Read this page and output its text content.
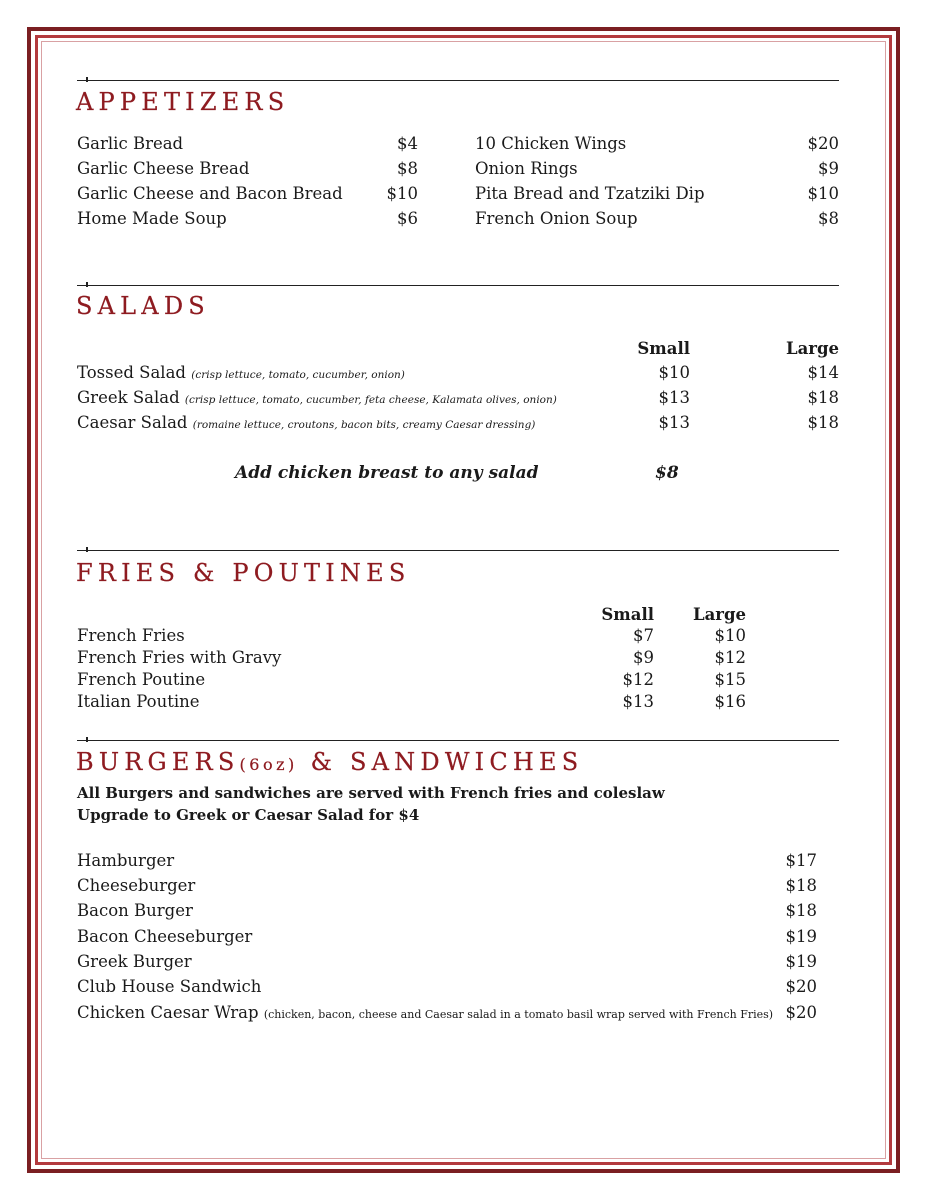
APPETIZERS
Garlic Bread	$4
Garlic Cheese Bread	$8
Garlic Cheese and Bacon Bread	$10
Home Made Soup	$6
10 Chicken Wings	$20
Onion Rings	$9
Pita Bread and Tzatziki Dip	$10
French Onion Soup	$8
SALADS
Small	Large
Tossed Salad (crisp lettuce, tomato, cucumber, onion)	$10	$14
Greek Salad (crisp lettuce, tomato, cucumber, feta cheese, Kalamata olives, onion)	$13	$18
Caesar Salad (romaine lettuce, croutons, bacon bits, creamy Caesar dressing)	$13	$18
Add chicken breast to any salad	$8
FRIES & POUTINES
Small Large
French Fries	$7	$10
French Fries with Gravy	$9	$12
French Poutine	$12	$15
Italian Poutine	$13	$16
BURGERS(6oz) & SANDWICHES
All Burgers and sandwiches are served with French fries and coleslaw
Upgrade to Greek or Caesar Salad for $4
Hamburger	$17
Cheeseburger	$18
Bacon Burger	$18
Bacon Cheeseburger	$19
Greek Burger	$19
Club House Sandwich	$20
Chicken Caesar Wrap (chicken, bacon, cheese and Caesar salad in a tomato basil wrap served with French Fries) $20
